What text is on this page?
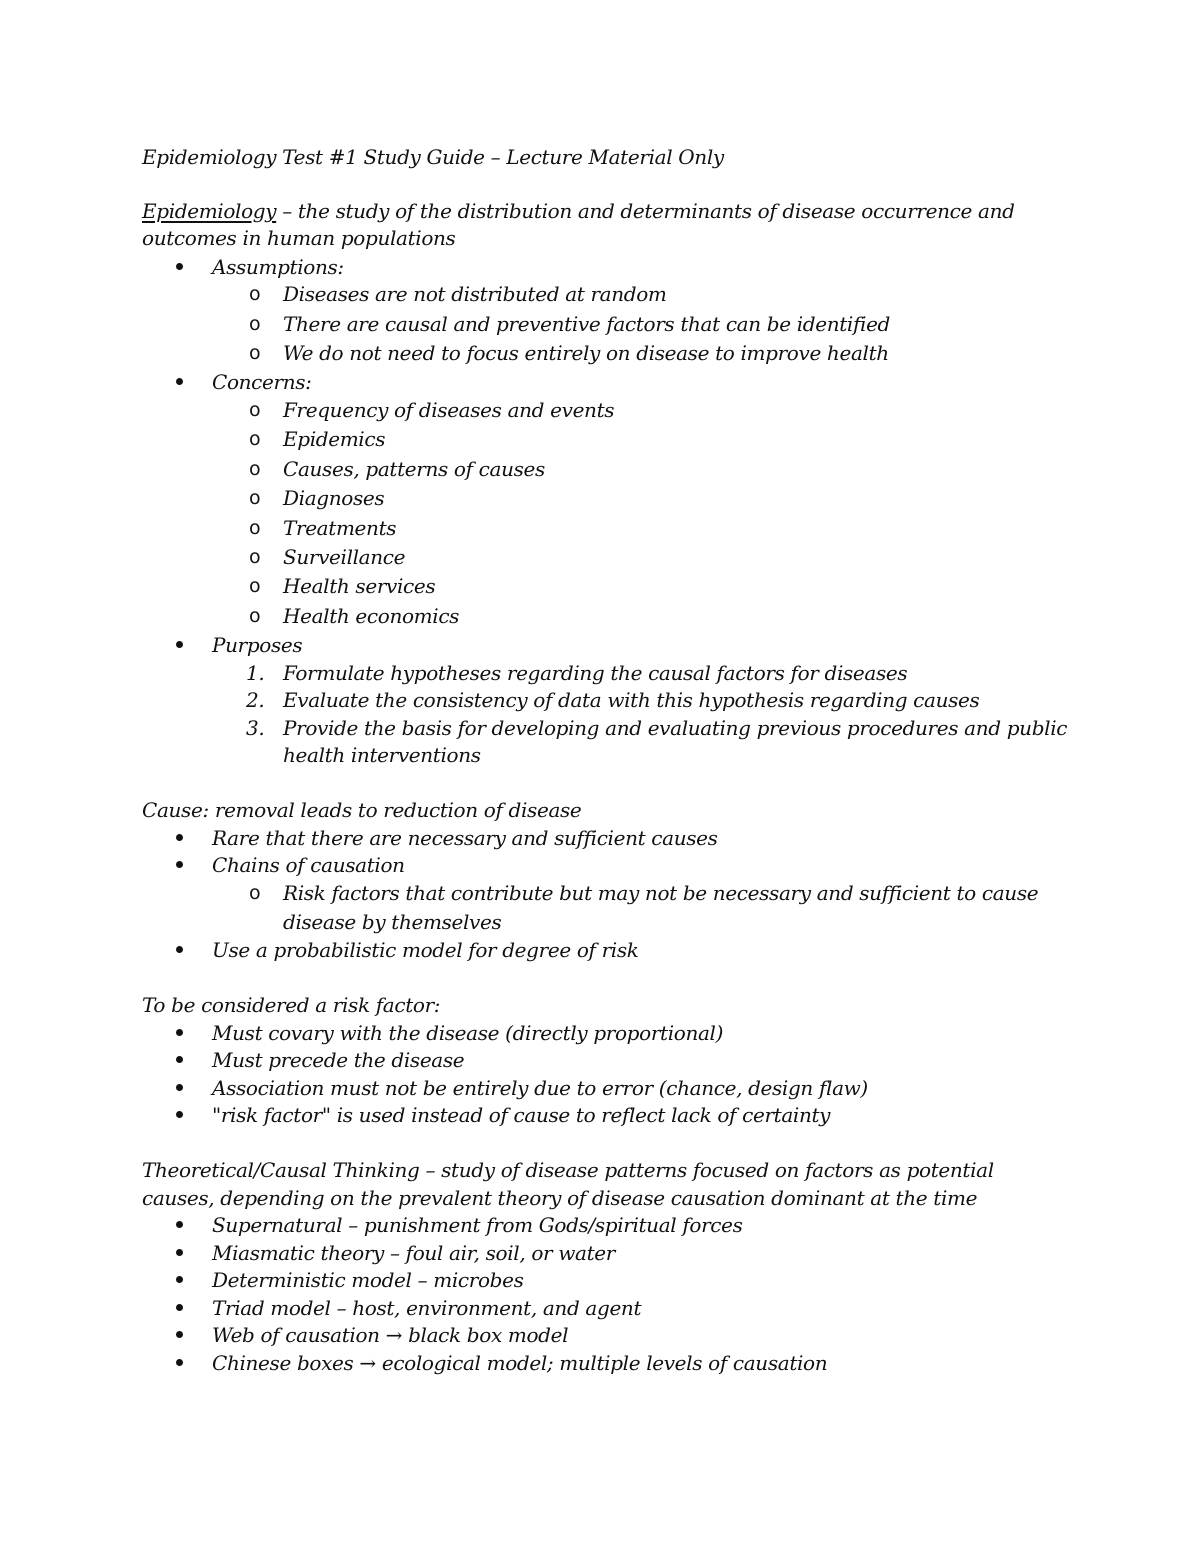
Epidemiology Test #1 Study Guide – Lecture Material Only
Epidemiology – the study of the distribution and determinants of disease occurrence and
outcomes in human populations
Assumptions:
o Diseases are not distributed at random
o There are causal and preventive factors that can be identified
o We do not need to focus entirely on disease to improve health
Concerns:
o Frequency of diseases and events
o Epidemics
o Causes, patterns of causes
o Diagnoses
o Treatments
o Surveillance
o Health services
o Health economics
Purposes
1. Formulate hypotheses regarding the causal factors for diseases
2. Evaluate the consistency of data with this hypothesis regarding causes
3. Provide the basis for developing and evaluating previous procedures and public
health interventions
Cause: removal leads to reduction of disease
Rare that there are necessary and sufficient causes
Chains of causation
o Risk factors that contribute but may not be necessary and sufficient to cause
disease by themselves
Use a probabilistic model for degree of risk
To be considered a risk factor:
Must covary with the disease (directly proportional)
Must precede the disease
Association must not be entirely due to error (chance, design flaw)
"risk factor" is used instead of cause to reflect lack of certainty
Theoretical/Causal Thinking – study of disease patterns focused on factors as potential
causes, depending on the prevalent theory of disease causation dominant at the time
Supernatural – punishment from Gods/spiritual forces
Miasmatic theory – foul air, soil, or water
Deterministic model – microbes
Triad model – host, environment, and agent
Web of causation → black box model
Chinese boxes → ecological model; multiple levels of causation
